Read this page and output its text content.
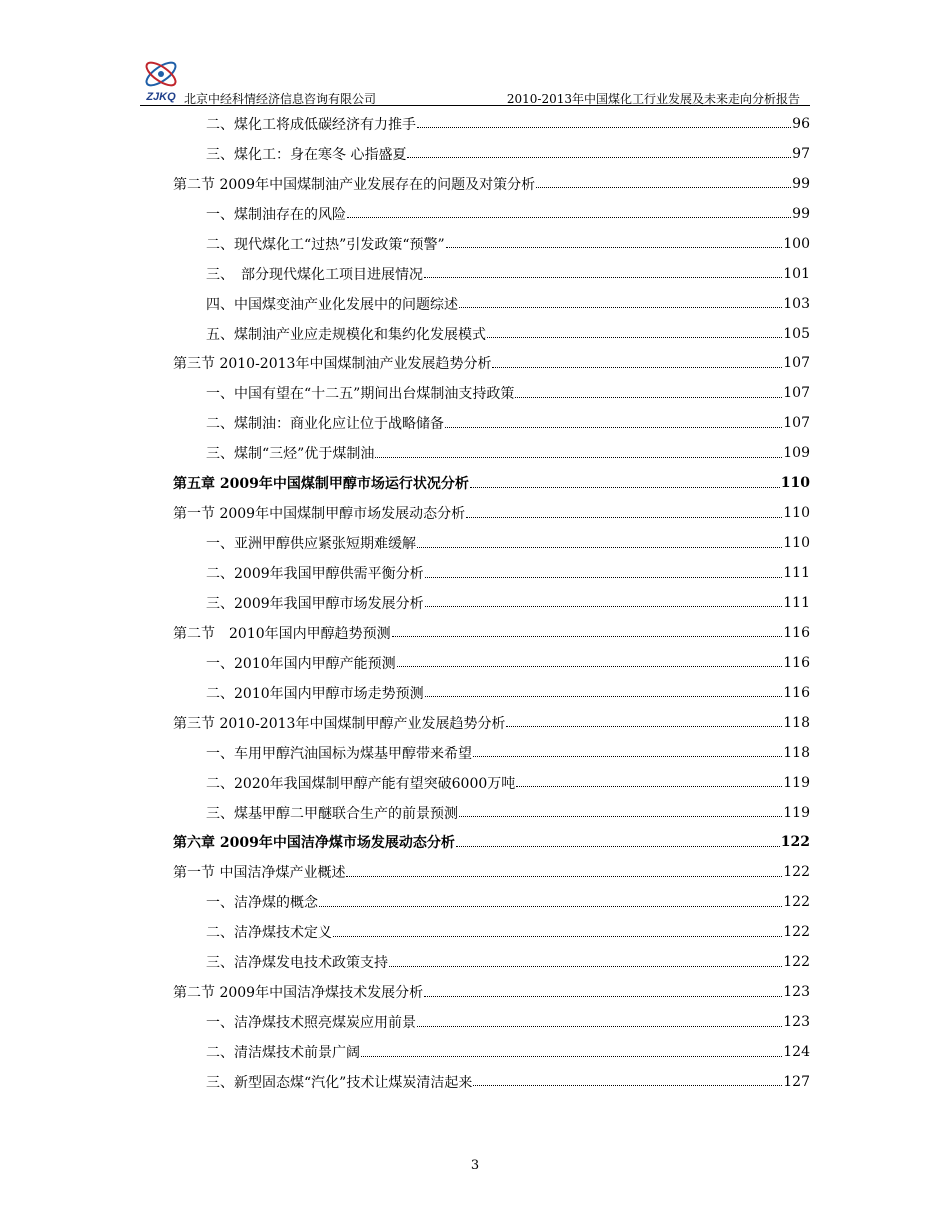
ZJKQ 北京中经科情经济信息咨询有限公司	2010-2013年中国煤化工行业发展及未来走向分析报告
二、煤化工将成低碳经济有力推手	96
三、煤化工：身在寒冬 心指盛夏	97
第二节 2009年中国煤制油产业发展存在的问题及对策分析	99
一、煤制油存在的风险	99
二、现代煤化工“过热”引发政策“预警”	100
三、　部分现代煤化工项目进展情况	101
四、中国煤变油产业化发展中的问题综述	103
五、煤制油产业应走规模化和集约化发展模式	105
第三节 2010-2013年中国煤制油产业发展趋势分析	107
一、中国有望在“十二五”期间出台煤制油支持政策	107
二、煤制油：商业化应让位于战略储备	107
三、煤制“三烃”优于煤制油	109
第五章 2009年中国煤制甲醇市场运行状况分析	110
第一节 2009年中国煤制甲醇市场发展动态分析	110
一、亚洲甲醇供应紧张短期难缓解	110
二、2009年我国甲醇供需平衡分析	111
三、2009年我国甲醇市场发展分析	111
第二节　2010年国内甲醇趋势预测	116
一、2010年国内甲醇产能预测	116
二、2010年国内甲醇市场走势预测	116
第三节 2010-2013年中国煤制甲醇产业发展趋势分析	118
一、车用甲醇汽油国标为煤基甲醇带来希望	118
二、2020年我国煤制甲醇产能有望突破6000万吨	119
三、煤基甲醇二甲醚联合生产的前景预测	119
第六章 2009年中国洁净煤市场发展动态分析	122
第一节 中国洁净煤产业概述	122
一、洁净煤的概念	122
二、洁净煤技术定义	122
三、洁净煤发电技术政策支持	122
第二节 2009年中国洁净煤技术发展分析	123
一、洁净煤技术照亮煤炭应用前景	123
二、清洁煤技术前景广阔	124
三、新型固态煤“汽化”技术让煤炭清洁起来	127
3
